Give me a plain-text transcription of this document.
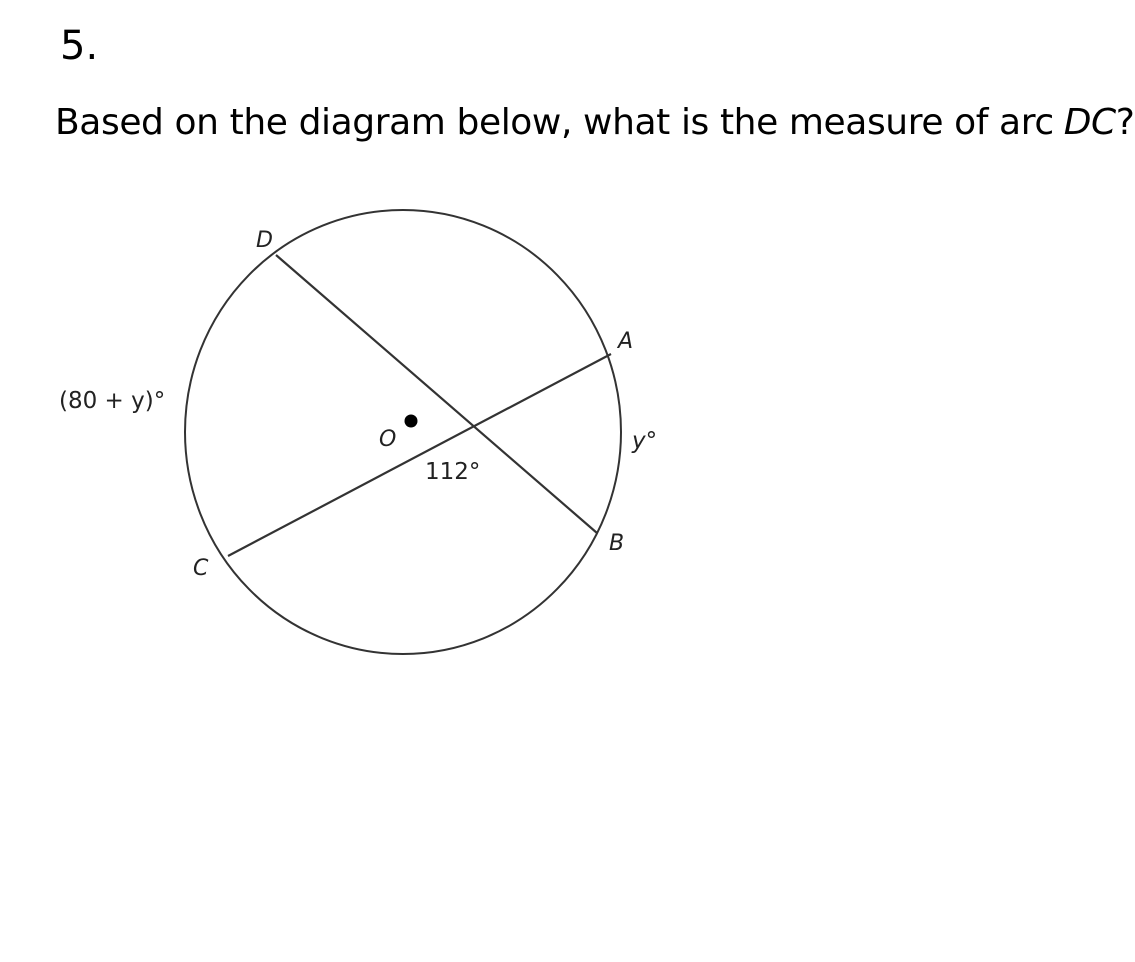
5.
Based on the diagram below, what is the measure of arc DC?
D
A
B
C
O
(80 + y)°
y°
112°
